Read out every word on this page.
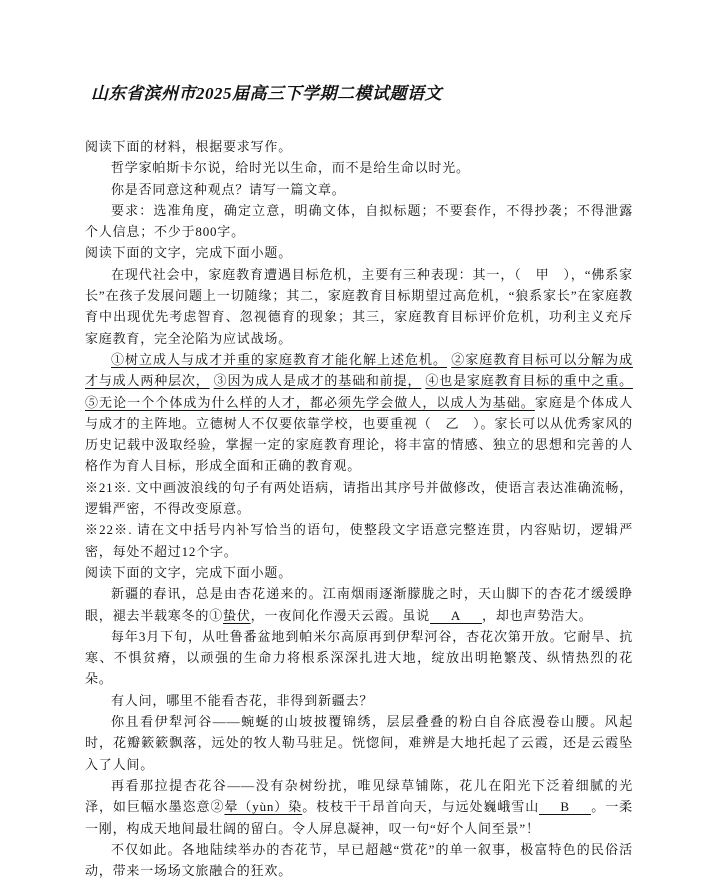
山东省滨州市2025届高三下学期二模试题语文

阅读下面的材料，根据要求写作。

哲学家帕斯卡尔说，给时光以生命，而不是给生命以时光。

你是否同意这种观点？请写一篇文章。

要求：选准角度，确定立意，明确文体，自拟标题；不要套作，不得抄袭；不得泄露个人信息；不少于800字。

阅读下面的文字，完成下面小题。

在现代社会中，家庭教育遭遇目标危机，主要有三种表现：其一，（　甲　），“佛系家长”在孩子发展问题上一切随缘；其二，家庭教育目标期望过高危机，“狼系家长”在家庭教育中出现优先考虑智育、忽视德育的现象；其三，家庭教育目标评价危机，功利主义充斥家庭教育，完全沦陷为应试战场。

①树立成人与成才并重的家庭教育才能化解上述危机。 ②家庭教育目标可以分解为成才与成人两种层次， ③因为成人是成才的基础和前提， ④也是家庭教育目标的重中之重。 ⑤无论一个个体成为什么样的人才，都必须先学会做人，以成人为基础。家庭是个体成人与成才的主阵地。立德树人不仅要依靠学校，也要重视（　乙　）。家长可以从优秀家风的历史记载中汲取经验，掌握一定的家庭教育理论，将丰富的情感、独立的思想和完善的人格作为育人目标，形成全面和正确的教育观。

※21※. 文中画波浪线的句子有两处语病，请指出其序号并做修改，使语言表达准确流畅，逻辑严密，不得改变原意。

※22※. 请在文中括号内补写恰当的语句，使整段文字语意完整连贯，内容贴切，逻辑严密，每处不超过12个字。

阅读下面的文字，完成下面小题。

新疆的春讯，总是由杏花递来的。江南烟雨逐渐朦胧之时，天山脚下的杏花才缓缓睁眼，褪去半载寒冬的①蛰伏，一夜间化作漫天云霞。虽说 A ，却也声势浩大。

每年3月下旬，从吐鲁番盆地到帕米尔高原再到伊犁河谷，杏花次第开放。它耐旱、抗寒、不惧贫瘠，以顽强的生命力将根系深深扎进大地，绽放出明艳繁茂、纵情热烈的花朵。

有人问，哪里不能看杏花，非得到新疆去？

你且看伊犁河谷——蜿蜒的山坡披覆锦绣，层层叠叠的粉白自谷底漫卷山腰。风起时，花瓣簌簌飘落，远处的牧人勒马驻足。恍惚间，难辨是大地托起了云霞，还是云霞坠入了人间。

再看那拉提杏花谷——没有杂树纷扰，唯见绿草铺陈，花儿在阳光下泛着细腻的光泽，如巨幅水墨恣意②晕（yùn）染。枝枝干干昂首向天，与远处巍峨雪山 B 。一柔一刚，构成天地间最壮阔的留白。令人屏息凝神，叹一句“好个人间至景”！

不仅如此。各地陆续举办的杏花节，早已超越“赏花”的单一叙事，极富特色的民俗活动，带来一场场文旅融合的狂欢。
